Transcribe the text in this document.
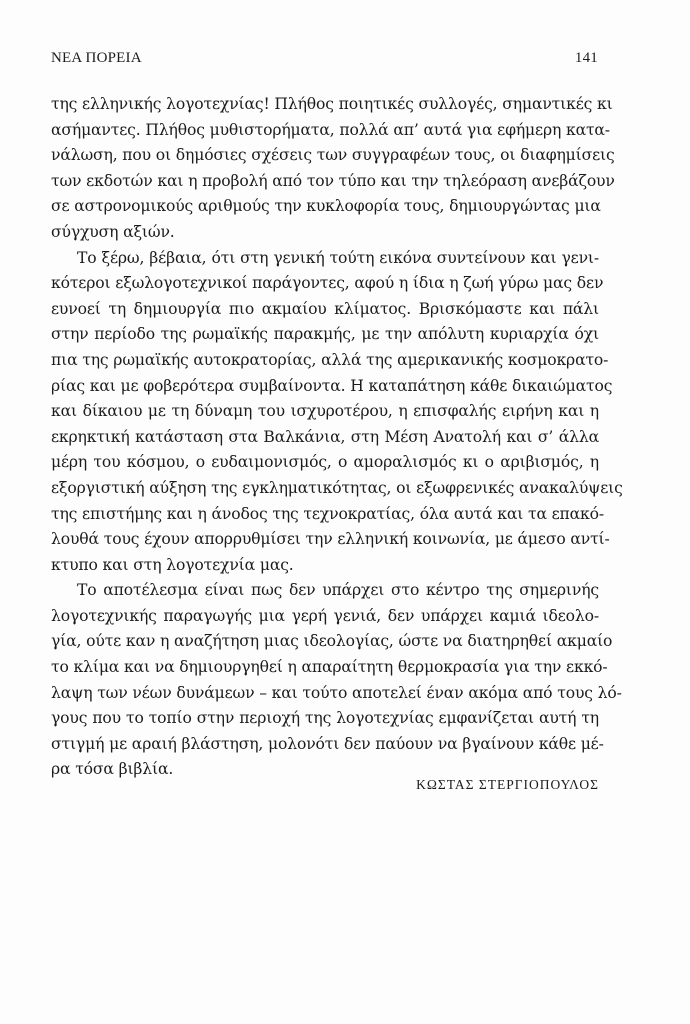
ΝΕΑ ΠΟΡΕΙΑ	141
της ελληνικής λογοτεχνίας! Πλήθος ποιητικές συλλογές, σημαντικές κι
ασήμαντες. Πλήθος μυθιστορήματα, πολλά απ’ αυτά για εφήμερη κατα-
νάλωση, που οι δημόσιες σχέσεις των συγγραφέων τους, οι διαφημίσεις
των εκδοτών και η προβολή από τον τύπο και την τηλεόραση ανεβάζουν
σε αστρονομικούς αριθμούς την κυκλοφορία τους, δημιουργώντας μια
σύγχυση αξιών.
Το ξέρω, βέβαια, ότι στη γενική τούτη εικόνα συντείνουν και γενι-
κότεροι εξωλογοτεχνικοί παράγοντες, αφού η ίδια η ζωή γύρω μας δεν
ευνοεί τη δημιουργία πιο ακμαίου κλίματος. Βρισκόμαστε και πάλι
στην περίοδο της ρωμαϊκής παρακμής, με την απόλυτη κυριαρχία όχι
πια της ρωμαϊκής αυτοκρατορίας, αλλά της αμερικανικής κοσμοκρατο-
ρίας και με φοβερότερα συμβαίνοντα. Η καταπάτηση κάθε δικαιώματος
και δίκαιου με τη δύναμη του ισχυροτέρου, η επισφαλής ειρήνη και η
εκρηκτική κατάσταση στα Βαλκάνια, στη Μέση Ανατολή και σ’ άλλα
μέρη του κόσμου, ο ευδαιμονισμός, ο αμοραλισμός κι ο αριβισμός, η
εξοργιστική αύξηση της εγκληματικότητας, οι εξωφρενικές ανακαλύψεις
της επιστήμης και η άνοδος της τεχνοκρατίας, όλα αυτά και τα επακό-
λουθά τους έχουν απορρυθμίσει την ελληνική κοινωνία, με άμεσο αντί-
κτυπο και στη λογοτεχνία μας.
Το αποτέλεσμα είναι πως δεν υπάρχει στο κέντρο της σημερινής
λογοτεχνικής παραγωγής μια γερή γενιά, δεν υπάρχει καμιά ιδεολο-
γία, ούτε καν η αναζήτηση μιας ιδεολογίας, ώστε να διατηρηθεί ακμαίο
το κλίμα και να δημιουργηθεί η απαραίτητη θερμοκρασία για την εκκό-
λαψη των νέων δυνάμεων – και τούτο αποτελεί έναν ακόμα από τους λό-
γους που το τοπίο στην περιοχή της λογοτεχνίας εμφανίζεται αυτή τη
στιγμή με αραιή βλάστηση, μολονότι δεν παύουν να βγαίνουν κάθε μέ-
ρα τόσα βιβλία.
ΚΩΣΤΑΣ ΣΤΕΡΓΙΟΠΟΥΛΟΣ
